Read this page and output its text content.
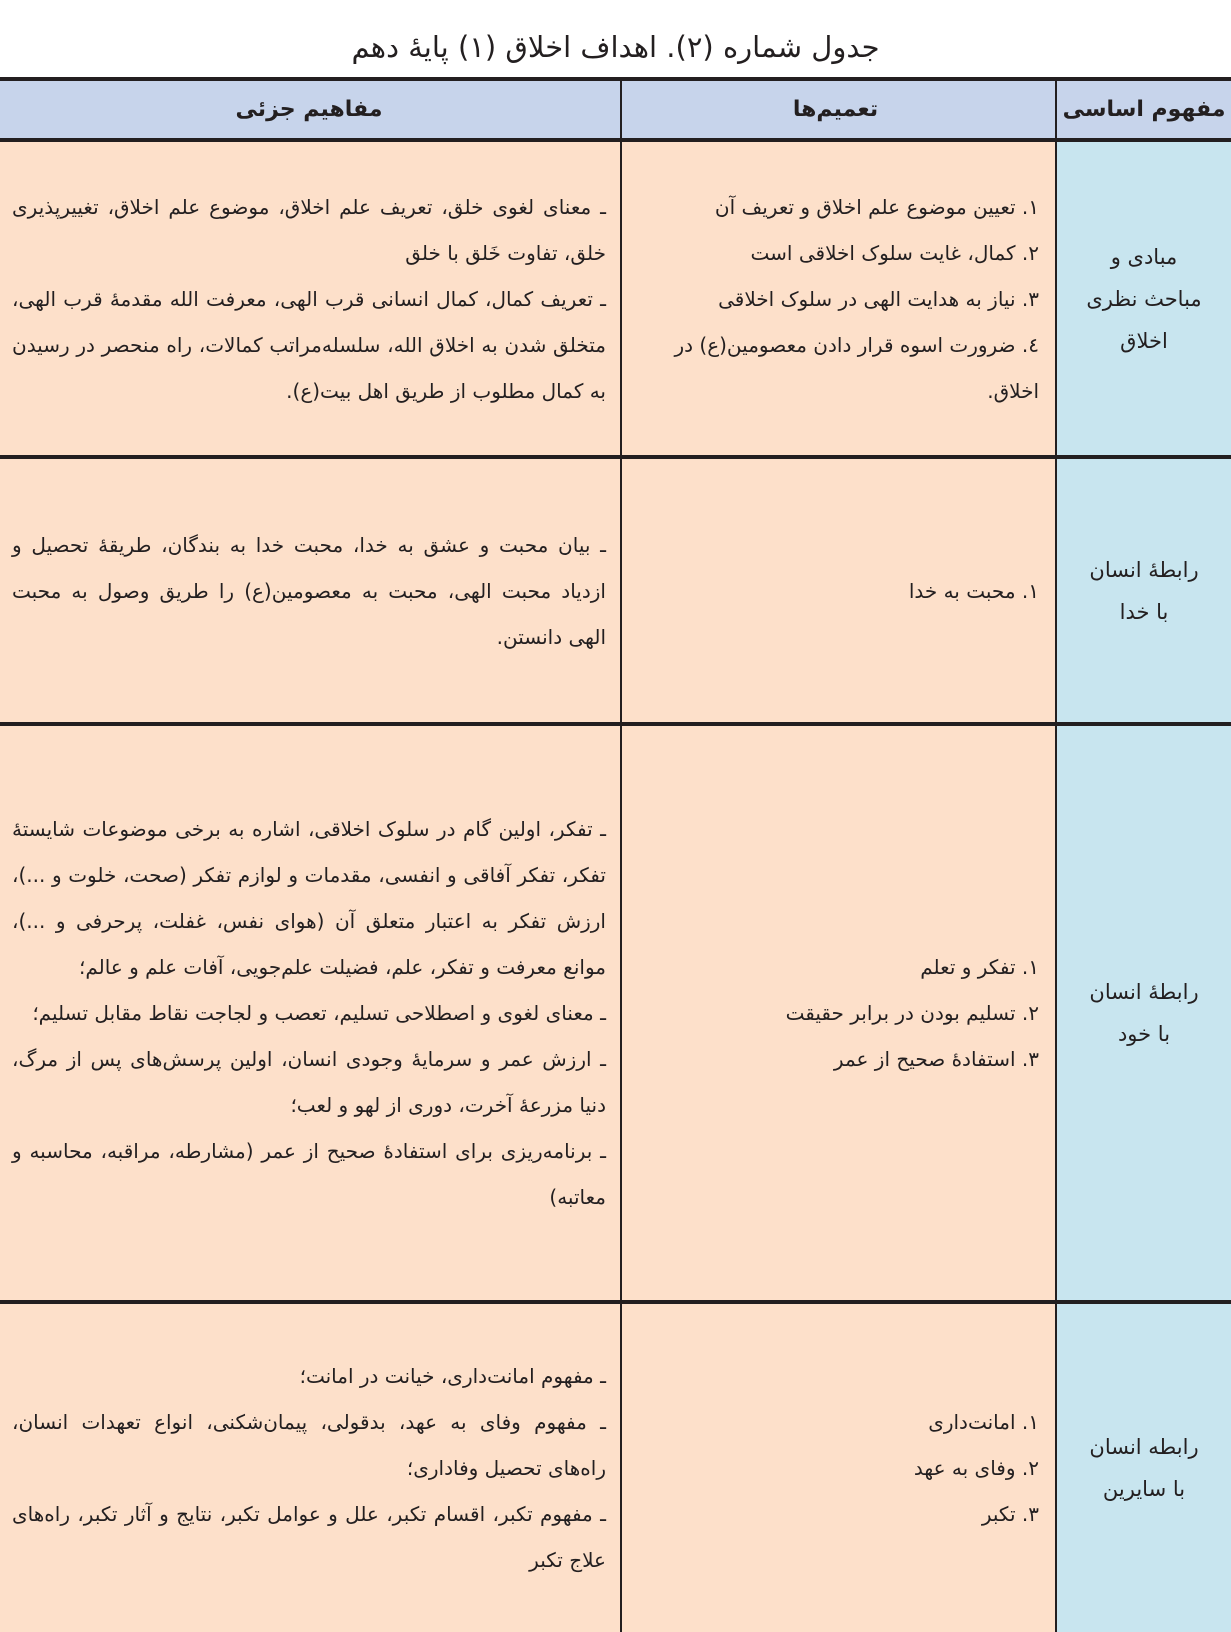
جدول شماره (۲). اهداف اخلاق (۱) پایهٔ دهم
مفهوم اساسی
تعمیم‌ها
مفاهیم جزئی
مبادی و مباحث نظری اخلاق
۱. تعیین موضوع علم اخلاق و تعریف آن
۲. کمال، غایت سلوک اخلاقی است
۳. نیاز به هدایت الهی در سلوک اخلاقی
٤. ضرورت اسوه قرار دادن معصومین(ع) در اخلاق.
ـ معنای لغوی خلق، تعریف علم اخلاق، موضوع علم اخلاق، تغییرپذیری خلق، تفاوت خَلق با خلق
ـ تعریف کمال، کمال انسانی قرب الهی، معرفت الله مقدمهٔ قرب الهی، متخلق شدن به اخلاق الله، سلسله‌مراتب کمالات، راه منحصر در رسیدن به کمال مطلوب از طریق اهل بیت(ع).
رابطهٔ انسان با خدا
۱. محبت به خدا
ـ بیان محبت و عشق به خدا، محبت خدا به بندگان، طریقهٔ تحصیل و ازدیاد محبت الهی، محبت به معصومین(ع) را طریق وصول به محبت الهی دانستن.
رابطهٔ انسان با خود
۱. تفکر و تعلم
۲. تسلیم بودن در برابر حقیقت
۳. استفادهٔ صحیح از عمر
ـ تفکر، اولین گام در سلوک اخلاقی، اشاره به برخی موضوعات شایستهٔ تفکر، تفکر آفاقی و انفسی، مقدمات و لوازم تفکر (صحت، خلوت و ...)، ارزش تفکر به اعتبار متعلق آن (هوای نفس، غفلت، پرحرفی و ...)، موانع معرفت و تفکر، علم، فضیلت علم‌جویی، آفات علم و عالم؛
ـ معنای لغوی و اصطلاحی تسلیم، تعصب و لجاجت نقاط مقابل تسلیم؛
ـ ارزش عمر و سرمایهٔ وجودی انسان، اولین پرسش‌های پس از مرگ، دنیا مزرعهٔ آخرت، دوری از لهو و لعب؛
ـ برنامه‌ریزی برای استفادهٔ صحیح از عمر (مشارطه، مراقبه، محاسبه و معاتبه)
رابطه انسان با سایرین
۱. امانت‌داری
۲. وفای به عهد
۳. تکبر
ـ مفهوم امانت‌داری، خیانت در امانت؛
ـ مفهوم وفای به عهد، بدقولی، پیمان‌شکنی، انواع تعهدات انسان، راه‌های تحصیل وفاداری؛
ـ مفهوم تکبر، اقسام تکبر، علل و عوامل تکبر، نتایج و آثار تکبر، راه‌های علاج تکبر
